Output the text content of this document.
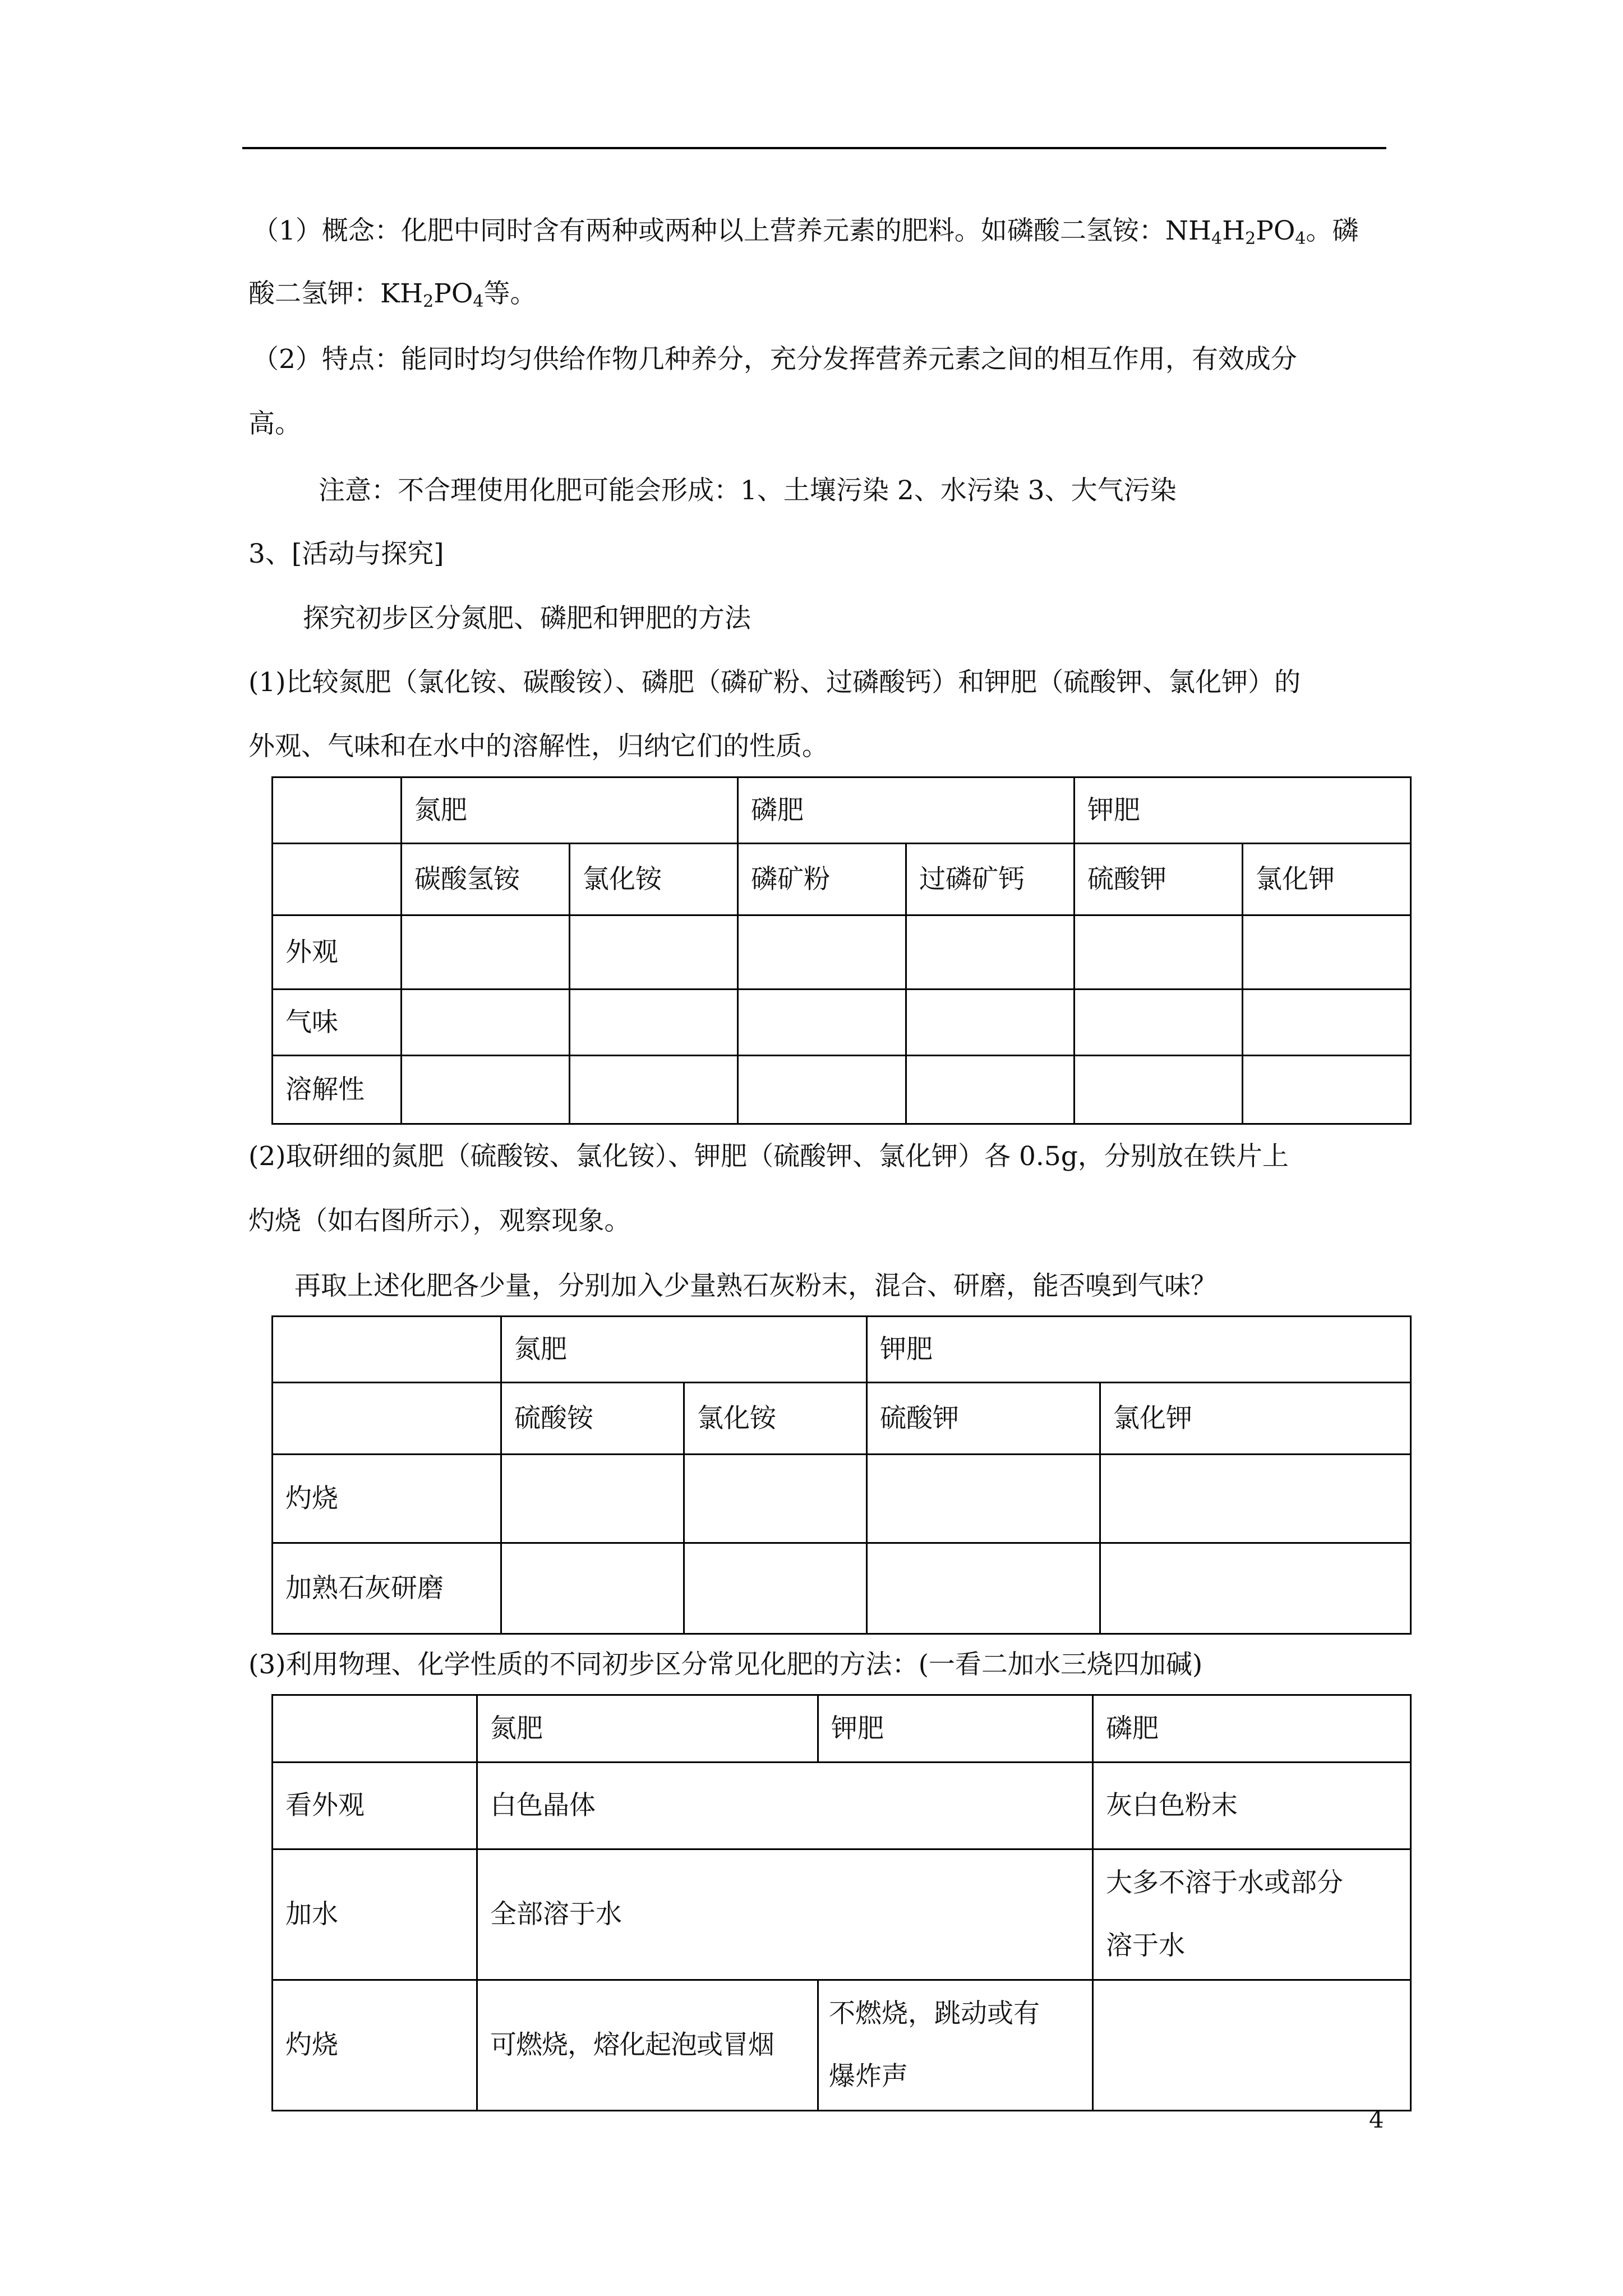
（1）概念：化肥中同时含有两种或两种以上营养元素的肥料。如磷酸二氢铵：$NH_4H_2PO_4$。磷
酸二氢钾：$KH_2PO_4$等。
（2）特点：能同时均匀供给作物几种养分，充分发挥营养元素之间的相互作用，有效成分
高。
注意：不合理使用化肥可能会形成：1、土壤污染 2、水污染 3、大气污染
3、[活动与探究]
探究初步区分氮肥、磷肥和钾肥的方法
(1)比较氮肥（氯化铵、碳酸铵）、磷肥（磷矿粉、过磷酸钙）和钾肥（硫酸钾、氯化钾）的
外观、气味和在水中的溶解性，归纳它们的性质。
	氮肥		磷肥		钾肥	
	碳酸氢铵	氯化铵	磷矿粉	过磷矿钙	硫酸钾	氯化钾
外观						
气味						
溶解性						
(2)取研细的氮肥（硫酸铵、氯化铵）、钾肥（硫酸钾、氯化钾）各 0.5g，分别放在铁片上
灼烧（如右图所示），观察现象。
再取上述化肥各少量，分别加入少量熟石灰粉末，混合、研磨，能否嗅到气味？
	氮肥		钾肥	
	硫酸铵	氯化铵	硫酸钾	氯化钾
灼烧				
加熟石灰研磨				
(3)利用物理、化学性质的不同初步区分常见化肥的方法：(一看二加水三烧四加碱)
	氮肥	钾肥	磷肥
看外观	白色晶体		灰白色粉末
加水	全部溶于水		大多不溶于水或部分
溶于水
灼烧	可燃烧，熔化起泡或冒烟	不燃烧，跳动或有
爆炸声	
4
